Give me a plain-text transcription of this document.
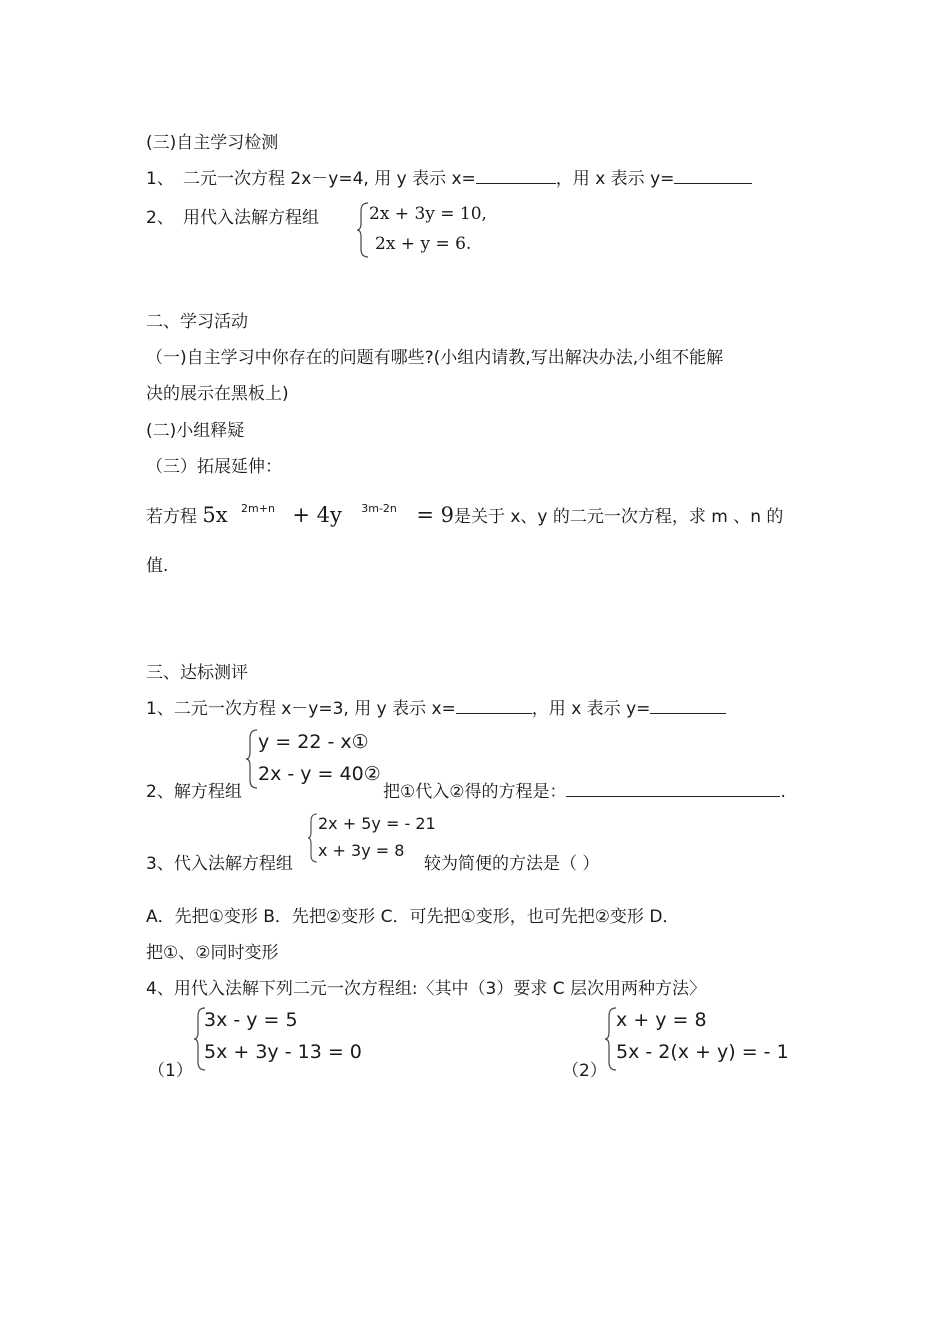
(三)自主学习检测
1、 二元一次方程 2x－y=4, 用 y 表示 x=	，用 x 表示 y=
2、 用代入法解方程组	2x + 3y = 10,
2x + y = 6.
二、学习活动
（一)自主学习中你存在的问题有哪些?(小组内请教,写出解决办法,小组不能解
决的展示在黑板上)
(二)小组释疑
（三）拓展延伸：
若方程 5x $^{2m+n}$ + 4y $^{3m-2n}$ = 9是关于 x、y 的二元一次方程，求 m 、n 的
值.
三、达标测评
1、二元一次方程 x－y=3, 用 y 表示 x=	，用 x 表示 y=
y = 22 - x①
2x - y = 40②
2、解方程组	把①代入②得的方程是：	.
2x + 5y = - 21
x + 3y = 8
3、代入法解方程组	较为简便的方法是（ ）
A．先把①变形 B．先把②变形 C．可先把①变形，也可先把②变形 D．
把①、②同时变形
4、用代入法解下列二元一次方程组:〈其中（3）要求 C 层次用两种方法〉
（1）
3x - y = 5
5x + 3y - 13 = 0
（2）
x + y = 8
5x - 2(x + y) = - 1
